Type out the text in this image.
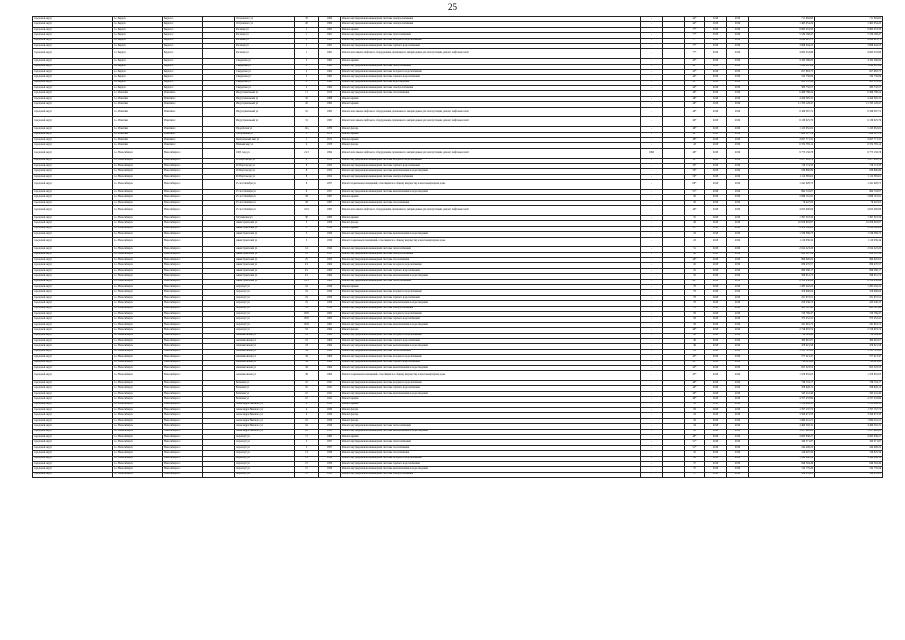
25
городской округ	г.о. Бердск	Бердск г.		Островского ул	35	1984	Ремонт внутридомовой инженерной системы электроснабжения	-		44*	2018	2019	711 804,60	711 804,60
городской округ	г.о. Бердск	Бердск г.		Островского ул	26	1984	Ремонт внутридомовой инженерной системы электроснабжения	-		44*	2018	2019	1 465 054,20	1 465 054,20
городской округ	г.о. Бердск	Бердск г.		Рогачева ул	1	1991	Ремонт крыши	-		77*	2018	2019	8 863 453,50	8 863 453,50
городской округ	г.о. Бердск	Бердск г.		Рогачева ул	1	1991	Ремонт внутридомовой инженерной системы теплоснабжения	-		77*	2018	2019	5 539 168,47	5 539 168,47
городской округ	г.о. Бердск	Бердск г.		Рогачева ул	1	1991	Ремонт внутридомовой инженерной системы холодного водоснабжения	-		77*	2018	2019	4 048 423,71	4 048 423,71
городской округ	г.о. Бердск	Бердск г.		Рогачева ул	1	1991	Ремонт внутридомовой инженерной системы горячего водоснабжения	-		77*	2018	2019	3 968 044,23	3 968 044,23
городской округ	г.о. Бердск	Бердск г.		Рогачева ул	1	1991	Ремонт или замена лифтового оборудования, признанного непригодным для эксплуатации, ремонт лифтовых шахт	-		77*	2018	2019	4 093 253,86	4 093 253,86
городской округ	г.о. Бердск	Бердск г.		Свердлова ул	2	1962	Ремонт крыши	-		43*	2018	2019	4 184 596,00	4 184 596,00
городской округ	г.о. Бердск	Бердск г.		Свердлова ул	2	1962	Ремонт внутридомовой инженерной системы теплоснабжения	-		44*	2018	2019	1 098 087,66	1 098 087,66
городской округ	г.о. Бердск	Бердск г.		Свердлова ул	2	1962	Ремонт внутридомовой инженерной системы холодного водоснабжения	-		45*	2018	2019	657 663,75	657 663,75
городской округ	г.о. Бердск	Бердск г.		Свердлова ул	2	1962	Ремонт внутридомовой инженерной системы горячего водоснабжения	-		44*	2018	2019	532 758,09	532 758,09
городской округ	г.о. Бердск	Бердск г.		Свердлова ул	2	1962	Ремонт внутридомовой инженерной системы водоотведения	-		43*	2018	2019	451 370,38	451 370,38
городской округ	г.о. Бердск	Бердск г.		Свердлова ул	2	1962	Ремонт внутридомовой инженерной системы электроснабжения	-		44*	2018	2019	583 732,57	583 732,57
городской округ	г.о. Искитим	Искитим г.		Индустриальный ул	11	1974	Ремонт внутридомовой инженерной системы газоснабжения	-		46*	2018	2019	6 486 788,24	6 486 788,24
городской округ	г.о. Искитим	Искитим г.		Индустриальный ул	32	1988	Ремонт крыши	-		46*	2018	2019	4 420 395,31	4 420 395,31
городской округ	г.о. Искитим	Искитим г.		Индустриальный ул	45	1982	Ремонт крыши	-		46*	2018	2019	11 763 128,47	11 763 128,47
городской округ	г.о. Искитим	Искитим г.		Индустриальный ул	52	1983	Ремонт или замена лифтового оборудования, признанного непригодным для эксплуатации, ремонт лифтовых шахт	-		46*	2018	2019	8 186 367,72	8 186 367,72
городской округ	г.о. Искитим	Искитим г.		Индустриальный ул	31	1985	Ремонт или замена лифтового оборудования, признанного непригодным для эксплуатации, ремонт лифтовых шахт	-		46*	2018	2019	6 139 025,79	6 139 025,79
городской округ	г.о. Искитим	Искитим г.		Прорабская ул	12а	1979	Ремонт фасада	-		46*	2018	2019	1 125 952,02	1 125 952,02
городской округ	г.о. Искитим	Искитим г.		Театральная ул	1	1979	Ремонт крыши	-		46*	2018	2019	7 669 127,76	7 669 127,76
городской округ	г.о. Искитим	Искитим г.		Центральный мкр ул	1	1971	Ремонт крыши	-		46*	2018	2019	4 957 771,31	4 957 771,31
городской округ	г.о. Искитим	Искитим г.		Южный мкр ул	4	1978	Ремонт фасада	-		43	2018	2019	6 374 785,14	6 374 785,14
городской округ	г.о. Новосибирск	Новосибирск г.		1905 года ул	21/1	1992	Ремонт или замена лифтового оборудования, признанного непригодным для эксплуатации, ремонт лифтовых шахт	1993		46*	2018	2019	9 773 156,78	9 773 156,78
городской округ	г.о. Новосибирск	Новосибирск г.		20 Партсъезда ул	8	1952	Ремонт внутридомовой инженерной системы холодного водоснабжения	-		50*	2018	2019	1 477 265,79	1 477 265,79
городской округ	г.о. Новосибирск	Новосибирск г.		20 Партсъезда ул	8	1952	Ремонт внутридомовой инженерной системы горячего водоснабжения	-		50*	2018	2019	719 174,33	719 174,33
городской округ	г.о. Новосибирск	Новосибирск г.		20 Партсъезда ул	8	1952	Ремонт внутридомовой инженерной системы канализования и водоотведения	-		50*	2018	2019	636 890,86	636 890,86
городской округ	г.о. Новосибирск	Новосибирск г.		20 Партсъезда ул	8	1952	Ремонт внутридомовой инженерной системы электроснабжения	-		50*	2018	2019	1 112 365,61	1 112 365,61
городской округ	г.о. Новосибирск	Новосибирск г.		25 лет Октября ул	8	1957	Ремонт подвальных помещений, относящихся к общему имуществу в многоквартирном доме	-		69*	2018	2019	1 241 928,73	1 241 928,73
городской округ	г.о. Новосибирск	Новосибирск г.		25 лет Октября ул	8	1957	Ремонт внутридомовой инженерной системы канализования и водоотведения	-		51*	2018	2019	694 743,07	694 743,07
городской округ	г.о. Новосибирск	Новосибирск г.		25 лет Октября ул	28	1967	Ремонт крыши	-		56	2018	2019	2 686 181,91	2 686 181,91
городской округ	г.о. Новосибирск	Новосибирск г.		25 лет Октября ул	28	1967	Ремонт внутридомовой инженерной системы газоснабжения	-		56	2018	2019	76 447,03	76 447,03
городской округ	г.о. Новосибирск	Новосибирск г.		25 лет Октября ул	10/2	1995	Ремонт или замена лифтового оборудования, признанного непригодным для эксплуатации, ремонт лифтовых шахт	-		46*	2018	2019	4 055 400,66	4 055 400,66
городской округ	г.о. Новосибирск	Новосибирск г.		Затулинская ул	30	1963	Ремонт крыши	-		55	2018	2019	1 397 318,34	1 397 318,34
городской округ	г.о. Новосибирск	Новосибирск г.		Авиастроителей ул	3	1956	Ремонт фасада	-		48	2018	2019	10 056 093,97	10 056 093,97
городской округ	г.о. Новосибирск	Новосибирск г.		Авиастроителей ул	3	1956	Ремонт крыши	-		53*	2018	2019	9 418 196,62	9 418 196,62
городской округ	г.о. Новосибирск	Новосибирск г.		Авиастроителей ул	3	1956	Ремонт внутридомовой инженерной системы канализования и водоотведения	-		43	2018	2019	1 539 389,73	1 539 389,73
городской округ	г.о. Новосибирск	Новосибирск г.		Авиастроителей ул	3	1956	Ремонт подвальных помещений, относящихся к общему имуществу в многоквартирном доме	-		43	2018	2019	1 110 039,34	1 110 039,34
городской округ	г.о. Новосибирск	Новосибирск г.		Авиастроителей ул	14	1942	Ремонт внутридомовой инженерной системы теплоснабжения	-		51	2018	2019	2 614 223,20	2 614 223,20
городской округ	г.о. Новосибирск	Новосибирск г.		Авиастроителей ул	25	1955	Ремонт внутридомовой инженерной системы электроснабжения	-		46	2018	2019	952 107,16	952 107,16
городской округ	г.о. Новосибирск	Новосибирск г.		Авиастроителей ул	25	1955	Ремонт внутридомовой инженерной системы газоснабжения	-		46*	2018	2019	890 920,02	890 920,02
городской округ	г.о. Новосибирск	Новосибирск г.		Авиастроителей ул	2/1	1964	Ремонт внутридомовой инженерной системы холодного водоснабжения	-		45	2018	2019	830 470,57	830 470,57
городской округ	г.о. Новосибирск	Новосибирск г.		Авиастроителей ул	2/1	1964	Ремонт внутридомовой инженерной системы горячего водоснабжения	-		45	2018	2019	669 586,17	669 586,17
городской округ	г.о. Новосибирск	Новосибирск г.		Авиастроителей ул	2/1	1964	Ремонт внутридомовой инженерной системы канализования и водоотведения	-		45	2018	2019	598 651,73	598 651,73
городской округ	г.о. Новосибирск	Новосибирск г.		Авиастроителей ул	18/1	1960	Ремонт внутридомовой инженерной системы теплоснабжения	-		46*	2018	2019	6 158 930,84	6 158 930,84
городской округ	г.о. Новосибирск	Новосибирск г.		Аэропорт ул	19	1956	Ремонт крыши	-		78	2018	2019	1 285 202,22	1 285 202,22
городской округ	г.о. Новосибирск	Новосибирск г.		Аэропорт ул	19	1956	Ремонт внутридомовой инженерной системы холодного водоснабжения	-		78	2018	2019	476 096,04	476 096,04
городской округ	г.о. Новосибирск	Новосибирск г.		Аэропорт ул	19	1956	Ремонт внутридомовой инженерной системы горячего водоснабжения	-		78	2018	2019	251 972,51	251 972,51
городской округ	г.о. Новосибирск	Новосибирск г.		Аэропорт ул	19	1956	Ремонт внутридомовой инженерной системы канализования и водоотведения	-		78	2018	2019	223 236,15	223 236,15
городской округ	г.о. Новосибирск	Новосибирск г.		Аэропорт ул	19	1956	Ремонт внутридомовой инженерной системы электроснабжения	-		78	2018	2019	421 347,48	421 347,48
городской округ	г.о. Новосибирск	Новосибирск г.		Аэропорт ул	150/1	1962	Ремонт внутридомовой инженерной системы холодного водоснабжения	-		58	2018	2019	720 769,47	720 769,47
городской округ	г.о. Новосибирск	Новосибирск г.		Аэропорт ул	150/1	1962	Ремонт внутридомовой инженерной системы горячего водоснабжения	-		58	2018	2019	375 252,41	375 252,41
городской округ	г.о. Новосибирск	Новосибирск г.		Аэропорт ул	150/1	1962	Ремонт внутридомовой инженерной системы канализования и водоотведения	-		58	2018	2019	341 691,72	341 691,72
городской округ	г.о. Новосибирск	Новосибирск г.		Аэропорт ул	53	1964	Ремонт фасада	-		49*	2018	2019	2 726 903,74	2 726 903,74
городской округ	г.о. Новосибирск	Новосибирск г.		Ахнаматовская ул	23	1964	Ремонт внутридомовой инженерной системы холодного водоснабжения	-		48	2018	2019	714 324,42	714 324,42
городской округ	г.о. Новосибирск	Новосибирск г.		Ахнаматовская ул	23	1964	Ремонт внутридомовой инженерной системы горячего водоснабжения	-		48	2018	2019	380 691,07	380 691,07
городской округ	г.о. Новосибирск	Новосибирск г.		Ахнаматовская ул	23	1964	Ремонт внутридомовой инженерной системы канализования и водоотведения	-		48	2018	2019	479 921,58	479 921,58
городской округ	г.о. Новосибирск	Новосибирск г.		Ахнаматовская ул	34	1964	Ремонт внутридомовой инженерной системы теплоснабжения	-		43	2018	2019	1 313 725,91	1 313 725,91
городской округ	г.о. Новосибирск	Новосибирск г.		Ахнаматовская ул	34	1964	Ремонт внутридомовой инженерной системы холодного водоснабжения	-		43*	2018	2019	577 413,47	577 413,47
городской округ	г.о. Новосибирск	Новосибирск г.		Ахнаматовская ул	34	1964	Ремонт внутридомовой инженерной системы горячего водоснабжения	-		43*	2018	2019	796 611,80	796 611,80
городской округ	г.о. Новосибирск	Новосибирск г.		Ахнаматовская ул	34	1964	Ремонт внутридомовой инженерной системы канализования и водоотведения	-		43*	2018	2019	655 323,55	655 323,55
городской округ	г.о. Новосибирск	Новосибирск г.		Ахнаматовская ул	38	1964	Ремонт подвальных помещений, относящихся к общему имуществу в многоквартирном доме	-		43*	2018	2019	1 476 655,03	1 476 655,03
городской округ	г.о. Новосибирск	Новосибирск г.		Бахчевая ул	10	1941	Ремонт внутридомовой инженерной системы холодного водоснабжения	-		49*	2018	2019	736 724,17	736 724,17
городской округ	г.о. Новосибирск	Новосибирск г.		Бахчевая ул	10	1941	Ремонт внутридомовой инженерной системы горячего водоснабжения	-		49*	2018	2019	358 628,15	358 628,15
городской округ	г.о. Новосибирск	Новосибирск г.		Бахчевая ул	10	1941	Ремонт внутридомовой инженерной системы канализования и водоотведения	-		49*	2018	2019	345 241,40	345 241,40
городской округ	г.о. Новосибирск	Новосибирск г.		Бахчевая ул	10	1941	Ремонт крыши	-		49*	2018	2019	4 707 433,89	4 707 433,89
городской округ	г.о. Новосибирск	Новосибирск г.		Александра Невского ул	4	1959	Ремонт крыши	-		58	2018	2019	1 768 696,35	1 768 696,35
городской округ	г.о. Новосибирск	Новосибирск г.		Александра Невского ул	4	1959	Ремонт фасада	-		58	2018	2019	1 707 137,75	1 707 137,75
городской округ	г.о. Новосибирск	Новосибирск г.		Александра Невского ул	4	1959	Ремонт фасада	-		43	2018	2019	3 596 673,33	3 596 673,33
городской округ	г.о. Новосибирск	Новосибирск г.		Александра Невского ул	16	1956	Ремонт фасада	-		43	2018	2019	1 984 341,21	1 984 341,21
городской округ	г.о. Новосибирск	Новосибирск г.		Александра Невского ул	16	1956	Ремонт внутридомовой инженерной системы теплоснабжения	-		43	2018	2019	4 460 502,31	4 460 502,31
городской округ	г.о. Новосибирск	Новосибирск г.		Александра Невского ул	22	1953	Ремонт внутридомовой инженерной системы канализования и водоотведения	-		43	2018	2019	1 057 428,62	1 057 428,62
городской округ	г.о. Новосибирск	Новосибирск г.		Аэропорт ул	71	1960	Ремонт крыши	-		40*	2018	2019	4 065 936,27	4 065 936,27
городской округ	г.о. Новосибирск	Новосибирск г.		Аэропорт ул	5	1957	Ремонт внутридомовой инженерной системы теплоснабжения	-		51*	2018	2019	190 371,87	190 371,87
городской округ	г.о. Новосибирск	Новосибирск г.		Аэропорт ул	5	1957	Ремонт внутридомовой инженерной системы газоснабжения	-		51*	2018	2019	244 408,22	244 408,22
городской округ	г.о. Новосибирск	Новосибирск г.		Аэропорт ул	13	1958	Ремонт внутридомовой инженерной системы газоснабжения	-		45	2018	2019	126 025,56	126 025,56
городской округ	г.о. Новосибирск	Новосибирск г.		Аэропорт ул	13	1958	Ремонт внутридомовой инженерной системы холодного водоснабжения	-		45	2018	2019	1 344 066,59	1 344 066,59
городской округ	г.о. Новосибирск	Новосибирск г.		Аэропорт ул	15	1958	Ремонт внутридомовой инженерной системы горячего водоснабжения	-		37	2018	2019	849 594,49	849 594,49
городской округ	г.о. Новосибирск	Новосибирск г.		Аэропорт ул	15	1958	Ремонт внутридомовой инженерной системы канализования и водоотведения	-		37	2018	2019	742 776,26	742 776,26
городской округ	г.о. Новосибирск	Новосибирск г.		Аэропорт ул	15	1958	Ремонт внутридомовой инженерной системы электроснабжения	-		37	2018	2019	324 253,05	324 253,05
